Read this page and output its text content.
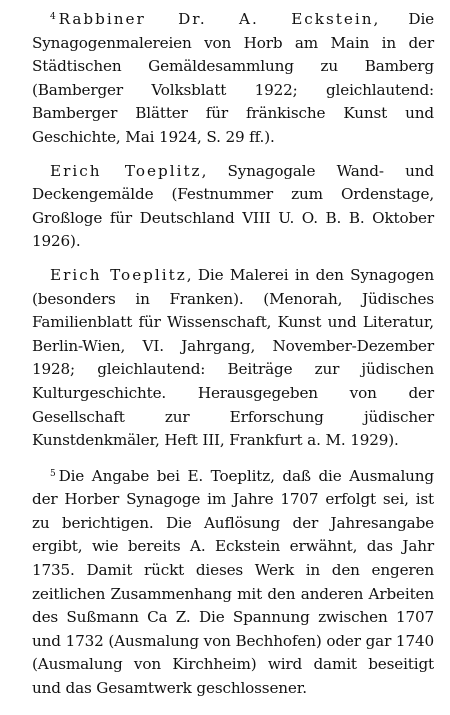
$^4$ Rabbiner Dr. A. Eckstein, Die Synagogenmalereien von Horb am Main in der Städtischen Gemäldesammlung zu Bamberg (Bamberger Volksblatt 1922; gleichlautend: Bamberger Blätter für fränkische Kunst und Geschichte, Mai 1924, S. 29 ff.).

Erich Toeplitz, Synagogale Wand- und Deckengemälde (Festnummer zum Ordenstage, Großloge für Deutschland VIII U. O. B. B. Oktober 1926).

Erich Toeplitz, Die Malerei in den Synagogen (besonders in Franken). (Menorah, Jüdisches Familienblatt für Wissenschaft, Kunst und Literatur, Berlin-Wien, VI. Jahrgang, November-Dezember 1928; gleichlautend: Beiträge zur jüdischen Kulturgeschichte. Herausgegeben von der Gesellschaft zur Erforschung jüdischer Kunstdenkmäler, Heft III, Frankfurt a. M. 1929).

$^5$ Die Angabe bei E. Toeplitz, daß die Ausmalung der Horber Synagoge im Jahre 1707 erfolgt sei, ist zu berichtigen. Die Auflösung der Jahresangabe ergibt, wie bereits A. Eckstein erwähnt, das Jahr 1735. Damit rückt dieses Werk in den engeren zeitlichen Zusammenhang mit den anderen Arbeiten des Sußmann Ca Z. Die Spannung zwischen 1707 und 1732 (Ausmalung von Bechhofen) oder gar 1740 (Ausmalung von Kirchheim) wird damit beseitigt und das Gesamtwerk geschlossener.
